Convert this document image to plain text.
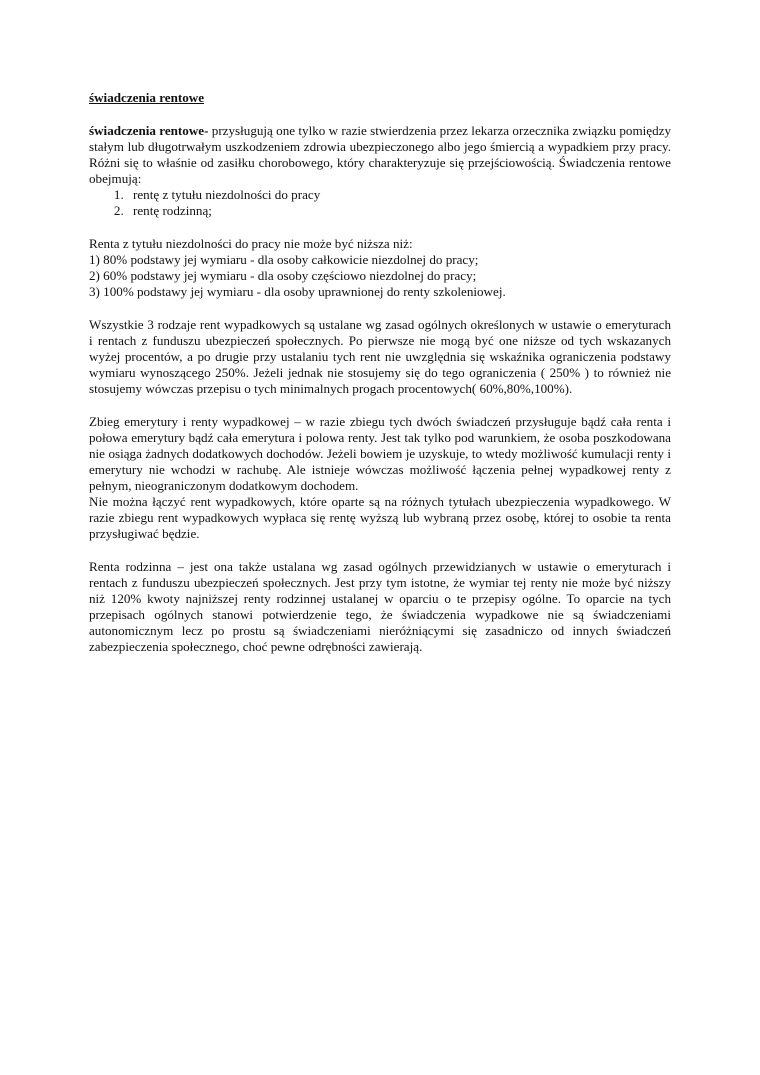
świadczenia rentowe

świadczenia rentowe- przysługują one tylko w razie stwierdzenia przez lekarza orzecznika związku pomiędzy stałym lub długotrwałym uszkodzeniem zdrowia ubezpieczonego albo jego śmiercią a wypadkiem przy pracy. Różni się to właśnie od zasiłku chorobowego, który charakteryzuje się przejściowością. Świadczenia rentowe obejmują:

1. rentę z tytułu niezdolności do pracy
2. rentę rodzinną;

Renta z tytułu niezdolności do pracy nie może być niższa niż:

1) 80% podstawy jej wymiaru - dla osoby całkowicie niezdolnej do pracy;
2) 60% podstawy jej wymiaru - dla osoby częściowo niezdolnej do pracy;
3) 100% podstawy jej wymiaru - dla osoby uprawnionej do renty szkoleniowej.

Wszystkie 3 rodzaje rent wypadkowych są ustalane wg zasad ogólnych określonych w ustawie o emeryturach i rentach z funduszu ubezpieczeń społecznych. Po pierwsze nie mogą być one niższe od tych wskazanych wyżej procentów, a po drugie przy ustalaniu tych rent nie uwzględnia się wskaźnika ograniczenia podstawy wymiaru wynoszącego 250%. Jeżeli jednak nie stosujemy się do tego ograniczenia ( 250% ) to również nie stosujemy wówczas przepisu o tych minimalnych progach procentowych( 60%,80%,100%).

Zbieg emerytury i renty wypadkowej – w razie zbiegu tych dwóch świadczeń przysługuje bądź cała renta i połowa emerytury bądź cała emerytura i polowa renty. Jest tak tylko pod warunkiem, że osoba poszkodowana nie osiąga żadnych dodatkowych dochodów. Jeżeli bowiem je uzyskuje, to wtedy możliwość kumulacji renty i emerytury nie wchodzi w rachubę. Ale istnieje wówczas możliwość łączenia pełnej wypadkowej renty z pełnym, nieograniczonym dodatkowym dochodem.

Nie można łączyć rent wypadkowych, które oparte są na różnych tytułach ubezpieczenia wypadkowego. W razie zbiegu rent wypadkowych wypłaca się rentę wyższą lub wybraną przez osobę, której to osobie ta renta przysługiwać będzie.

Renta rodzinna – jest ona także ustalana wg zasad ogólnych przewidzianych w ustawie o emeryturach i rentach z funduszu ubezpieczeń społecznych. Jest przy tym istotne, że wymiar tej renty nie może być niższy niż 120% kwoty najniższej renty rodzinnej ustalanej w oparciu o te przepisy ogólne. To oparcie na tych przepisach ogólnych stanowi potwierdzenie tego, że świadczenia wypadkowe nie są świadczeniami autonomicznym lecz po prostu są świadczeniami nieróżniącymi się zasadniczo od innych świadczeń zabezpieczenia społecznego, choć pewne odrębności zawierają.
